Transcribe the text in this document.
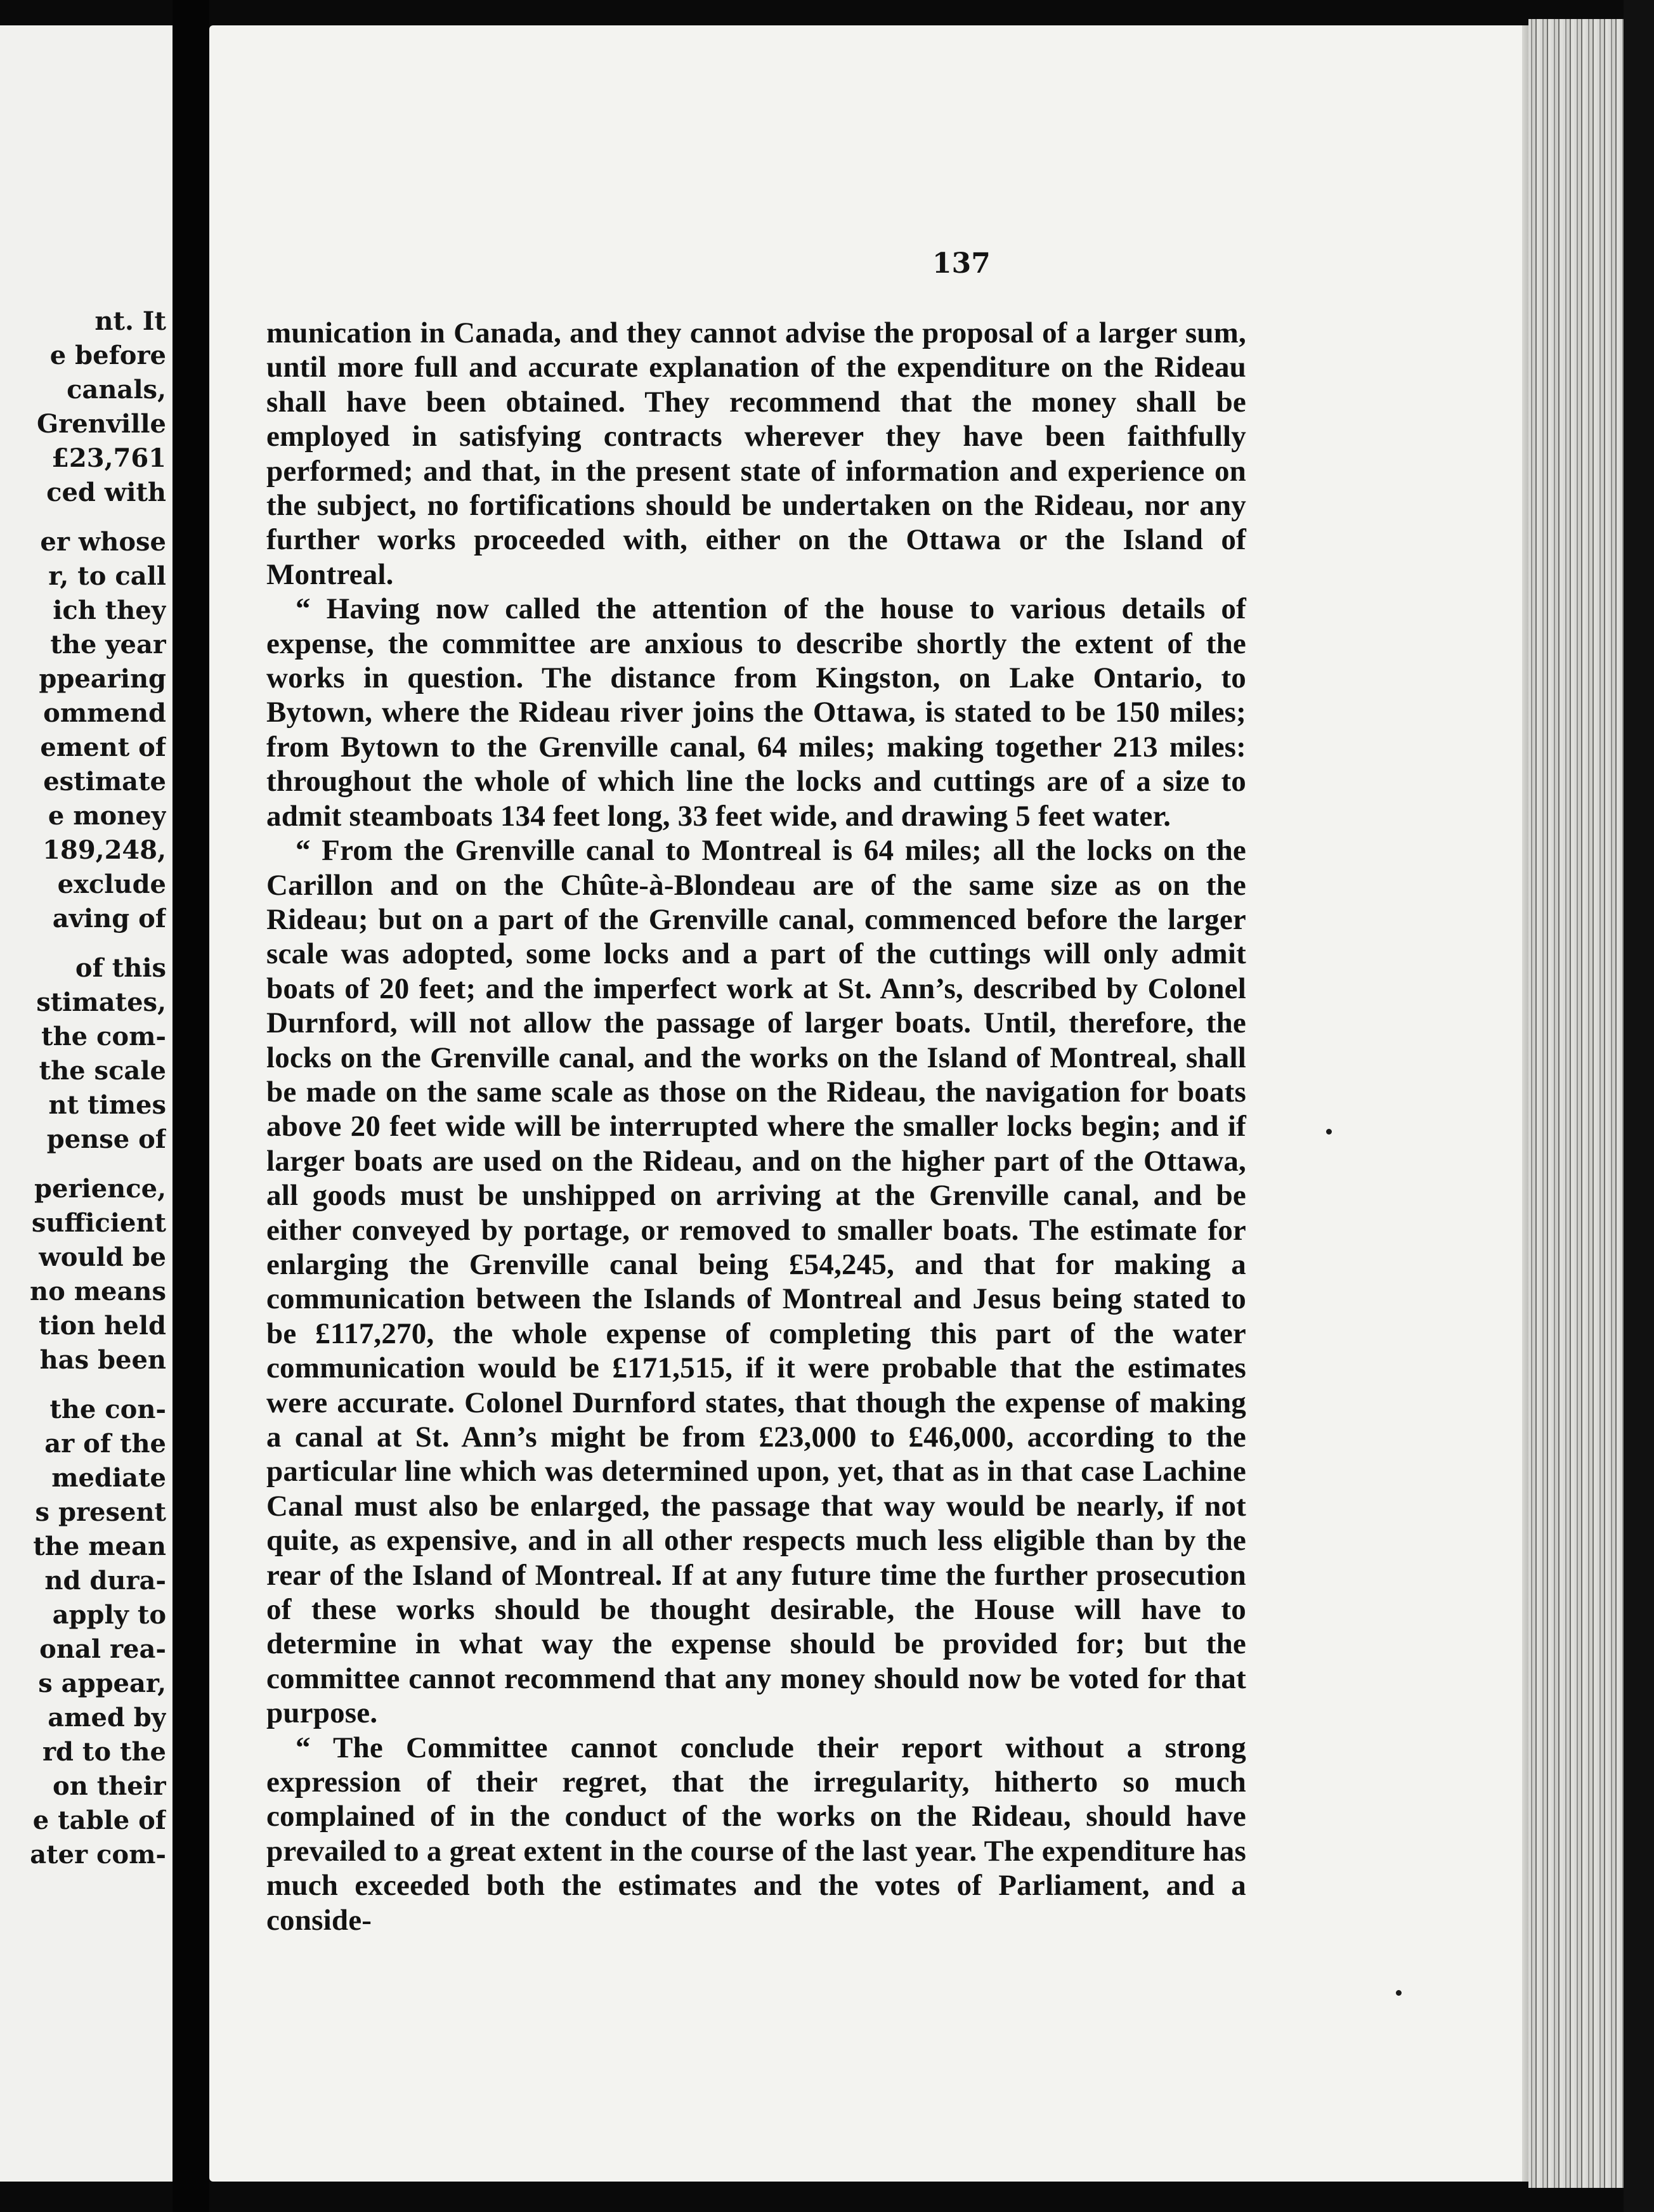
nt. It
e before
canals,
Grenville
£23,761
ced with
er whose
r, to call
ich they
the year
ppearing
ommend
ement of
estimate
e money
189,248,
exclude
aving of
of this
stimates,
the com-
the scale
nt times
pense of
perience,
sufficient
would be
no means
tion held
has been
the con-
ar of the
mediate
s present
the mean
nd dura-
apply to
onal rea-
s appear,
amed by
rd to the
on their
e table of
ater com-
137

munication in Canada, and they cannot advise the proposal of a larger sum, until more full and accurate explanation of the expenditure on the Rideau shall have been obtained. They recommend that the money shall be employed in satisfying contracts wherever they have been faithfully performed; and that, in the present state of information and experience on the subject, no fortifications should be undertaken on the Rideau, nor any further works proceeded with, either on the Ottawa or the Island of Montreal.

“ Having now called the attention of the house to various details of expense, the committee are anxious to describe shortly the extent of the works in question. The distance from Kingston, on Lake Ontario, to Bytown, where the Rideau river joins the Ottawa, is stated to be 150 miles; from Bytown to the Grenville canal, 64 miles; making together 213 miles: throughout the whole of which line the locks and cuttings are of a size to admit steamboats 134 feet long, 33 feet wide, and drawing 5 feet water.

“ From the Grenville canal to Montreal is 64 miles; all the locks on the Carillon and on the Chûte-à-Blondeau are of the same size as on the Rideau; but on a part of the Grenville canal, commenced before the larger scale was adopted, some locks and a part of the cuttings will only admit boats of 20 feet; and the imperfect work at St. Ann’s, described by Colonel Durnford, will not allow the passage of larger boats. Until, therefore, the locks on the Grenville canal, and the works on the Island of Montreal, shall be made on the same scale as those on the Rideau, the navigation for boats above 20 feet wide will be interrupted where the smaller locks begin; and if larger boats are used on the Rideau, and on the higher part of the Ottawa, all goods must be unshipped on arriving at the Grenville canal, and be either conveyed by portage, or removed to smaller boats. The estimate for enlarging the Grenville canal being £54,245, and that for making a communication between the Islands of Montreal and Jesus being stated to be £117,270, the whole expense of completing this part of the water communication would be £171,515, if it were probable that the estimates were accurate. Colonel Durnford states, that though the expense of making a canal at St. Ann’s might be from £23,000 to £46,000, according to the particular line which was determined upon, yet, that as in that case Lachine Canal must also be enlarged, the passage that way would be nearly, if not quite, as expensive, and in all other respects much less eligible than by the rear of the Island of Montreal. If at any future time the further prosecution of these works should be thought desirable, the House will have to determine in what way the expense should be provided for; but the committee cannot recommend that any money should now be voted for that purpose.

“ The Committee cannot conclude their report without a strong expression of their regret, that the irregularity, hitherto so much complained of in the conduct of the works on the Rideau, should have prevailed to a great extent in the course of the last year. The expenditure has much exceeded both the estimates and the votes of Parliament, and a conside-
